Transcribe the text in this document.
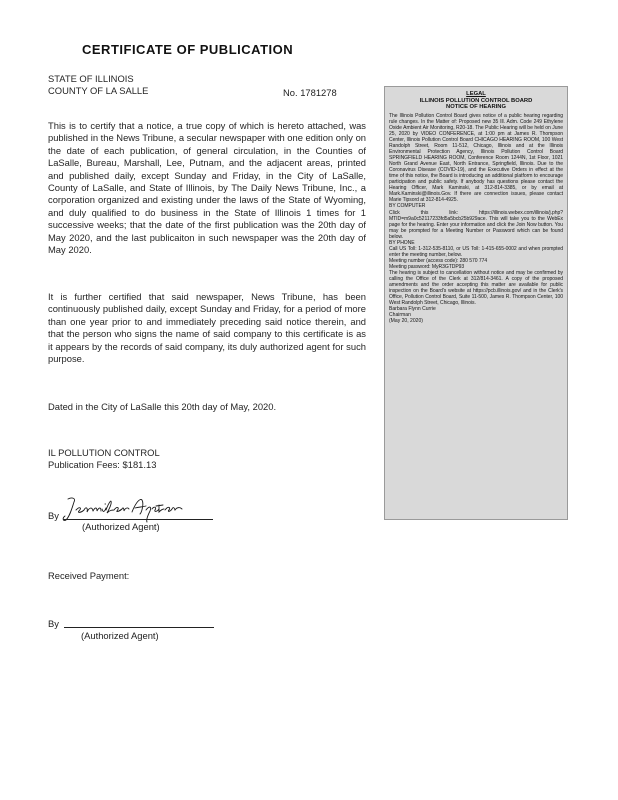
CERTIFICATE OF PUBLICATION
STATE OF ILLINOIS
COUNTY OF LA SALLE	No. 1781278
This is to certify that a notice, a true copy of which is hereto attached, was published in the News Tribune, a secular newspaper with one edition only on the date of each publication, of general circulation, in the Counties of LaSalle, Bureau, Marshall, Lee, Putnam, and the adjacent areas, printed and published daily, except Sunday and Friday, in the City of LaSalle, County of LaSalle, and State of Illinois, by The Daily News Tribune, Inc., a corporation organized and existing under the laws of the State of Wyoming, and duly qualified to do business in the State of Illinois 1 times for 1 successive weeks; that the date of the first publication was the 20th day of May 2020, and the last publicaiton in such newspaper was the 20th day of May 2020.
It is further certified that said newspaper, News Tribune, has been continuously published daily, except Sunday and Friday, for a period of more than one year prior to and immediately preceding said notice therein, and that the person who signs the name of said company to this certificate is as it appears by the records of said company, its duly authorized agent for such purpose.
Dated in the City of LaSalle this 20th day of May, 2020.
IL POLLUTION CONTROL
Publication Fees: $181.13
By
(Authorized Agent)
Received Payment:
By
(Authorized Agent)
LEGAL
ILLINOIS POLLUTION CONTROL BOARD
NOTICE OF HEARING

The Illinois Pollution Control Board gives notice of a public hearing regarding rule changes. In the Matter of: Proposed new 35 Ill. Adm. Code 249 Ethylene Oxide Ambient Air Monitoring, R20-18. The Public Hearing will be held on June 25, 2020 by VIDEO CONFERENCE, at 1:00 pm at James R. Thompson Center, Illinois Pollution Control Board CHICAGO HEARING ROOM, 100 West Randolph Street, Room 11-512, Chicago, Illinois and at the Illinois Environmental Protection Agency, Illinois Pollution Control Board SPRINGFIELD HEARING ROOM, Conference Room 1244N, 1st Floor, 1021 North Grand Avenue East, North Entrance, Springfield, Illinois. Due to the Coronavirus Disease (COVID-19), and the Executive Orders in effect at the time of this notice, the Board is introducing an additional platform to encourage participation and public safety. If anybody has questions please contact the Hearing Officer, Mark Kaminski, at 312-814-3385, or by email at Mark.Kaminski@illinois.Gov. If there are connection issues, please contact Marie Tipsord at 312-814-4925.

BY COMPUTER

Click this link: https://illinois.webex.com/illinois/j.php?MTID=m9a0c52117233fd5a5bcb25b929ace. This will take you to the WebEx page for the hearing. Enter your information and click the Join Now button. You may be prompted for a Meeting Number or Password which can be found below.

BY PHONE

Call US Toll: 1-312-535-8110, or US Toll: 1-415-655-0002 and when prompted enter the meeting number, below.

Meeting number (access code): 280 570 774

Meeting password: MyR3GTDP93

The hearing is subject to cancellation without notice and may be confirmed by calling the Office of the Clerk at 312/814-3461. A copy of the proposed amendments and the order accepting this matter are available for public inspection on the Board's website at https://pcb.illinois.gov/ and in the Clerk's Office, Pollution Control Board, Suite 11-500, James R. Thompson Center, 100 West Randolph Street, Chicago, Illinois.

Barbara Flynn Currie
Chairman
(May 20, 2020)
